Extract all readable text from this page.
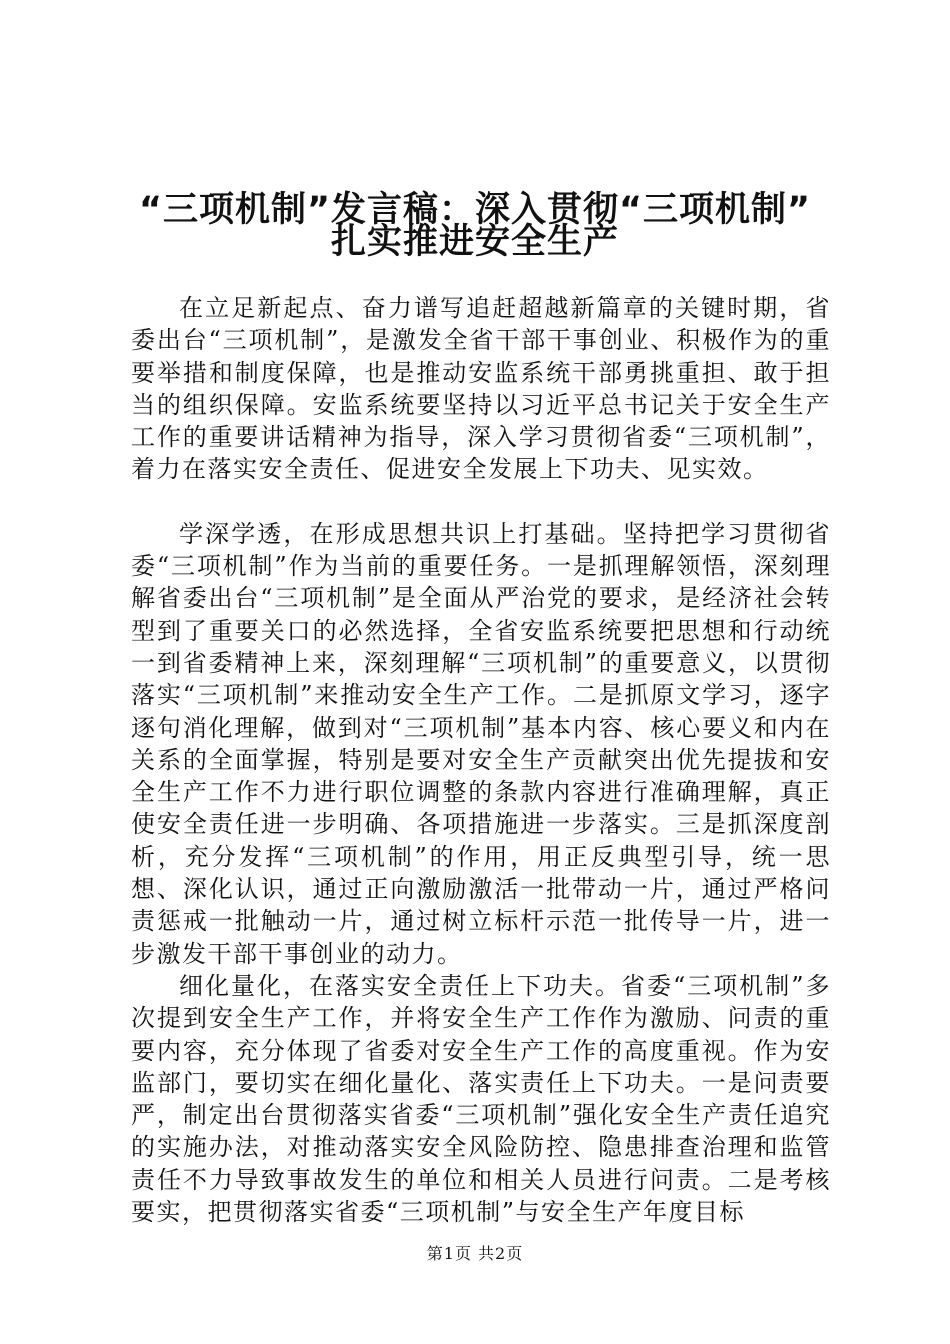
“三项机制”发言稿：深入贯彻“三项机制”
扎实推进安全生产

在立足新起点、奋力谱写追赶超越新篇章的关键时期，省委出台“三项机制”，是激发全省干部干事创业、积极作为的重要举措和制度保障，也是推动安监系统干部勇挑重担、敢于担当的组织保障。安监系统要坚持以习近平总书记关于安全生产工作的重要讲话精神为指导，深入学习贯彻省委“三项机制”，着力在落实安全责任、促进安全发展上下功夫、见实效。

学深学透，在形成思想共识上打基础。坚持把学习贯彻省委“三项机制”作为当前的重要任务。一是抓理解领悟，深刻理解省委出台“三项机制”是全面从严治党的要求，是经济社会转型到了重要关口的必然选择，全省安监系统要把思想和行动统一到省委精神上来，深刻理解“三项机制”的重要意义，以贯彻落实“三项机制”来推动安全生产工作。二是抓原文学习，逐字逐句消化理解，做到对“三项机制”基本内容、核心要义和内在关系的全面掌握，特别是要对安全生产贡献突出优先提拔和安全生产工作不力进行职位调整的条款内容进行准确理解，真正使安全责任进一步明确、各项措施进一步落实。三是抓深度剖析，充分发挥“三项机制”的作用，用正反典型引导，统一思想、深化认识，通过正向激励激活一批带动一片，通过严格问责惩戒一批触动一片，通过树立标杆示范一批传导一片，进一步激发干部干事创业的动力。

细化量化，在落实安全责任上下功夫。省委“三项机制”多次提到安全生产工作，并将安全生产工作作为激励、问责的重要内容，充分体现了省委对安全生产工作的高度重视。作为安监部门，要切实在细化量化、落实责任上下功夫。一是问责要严，制定出台贯彻落实省委“三项机制”强化安全生产责任追究的实施办法，对推动落实安全风险防控、隐患排查治理和监管责任不力导致事故发生的单位和相关人员进行问责。二是考核要实，把贯彻落实省委“三项机制”与安全生产年度目标

第1页 共2页
